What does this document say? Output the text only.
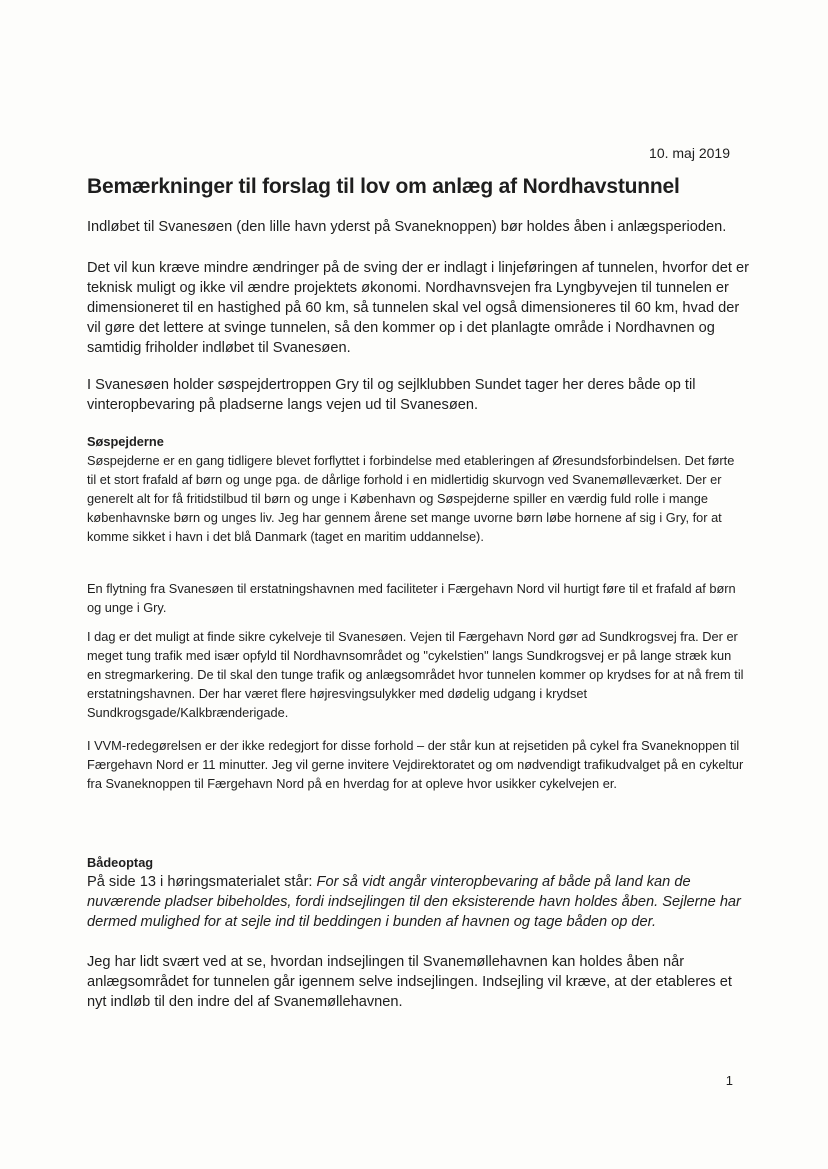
10. maj 2019
Bemærkninger til forslag til lov om anlæg af Nordhavstunnel

Indløbet til Svanesøen (den lille havn yderst på Svaneknoppen) bør holdes åben i anlægsperioden.

Det vil kun kræve mindre ændringer på de sving der er indlagt i linjeføringen af tunnelen, hvorfor det er teknisk muligt og ikke vil ændre projektets økonomi. Nordhavnsvejen fra Lyngbyvejen til tunnelen er dimensioneret til en hastighed på 60 km, så tunnelen skal vel også dimensioneres til 60 km, hvad der vil gøre det lettere at svinge tunnelen, så den kommer op i det planlagte område i Nordhavnen og samtidig friholder indløbet til Svanesøen.

I Svanesøen holder søspejdertroppen Gry til og sejlklubben Sundet tager her deres både op til vinteropbevaring på pladserne langs vejen ud til Svanesøen.

Søspejderne

Søspejderne er en gang tidligere blevet forflyttet i forbindelse med etableringen af Øresundsforbindelsen. Det førte til et stort frafald af børn og unge pga. de dårlige forhold i en midlertidig skurvogn ved Svanemølleværket. Der er generelt alt for få fritidstilbud til børn og unge i København og Søspejderne spiller en værdig fuld rolle i mange københavnske børn og unges liv. Jeg har gennem årene set mange uvorne børn løbe hornene af sig i Gry, for at komme sikket i havn i det blå Danmark (taget en maritim uddannelse).

En flytning fra Svanesøen til erstatningshavnen med faciliteter i Færgehavn Nord vil hurtigt føre til et frafald af børn og unge i Gry.

I dag er det muligt at finde sikre cykelveje til Svanesøen. Vejen til Færgehavn Nord gør ad Sundkrogsvej fra. Der er meget tung trafik med især opfyld til Nordhavnsområdet og "cykelstien" langs Sundkrogsvej er på lange stræk kun en stregmarkering. De til skal den tunge trafik og anlægsområdet hvor tunnelen kommer op krydses for at nå frem til erstatningshavnen. Der har været flere højresvingsulykker med dødelig udgang i krydset Sundkrogsgade/Kalkbrænderigade.

I VVM-redegørelsen er der ikke redegjort for disse forhold – der står kun at rejsetiden på cykel fra Svaneknoppen til Færgehavn Nord er 11 minutter. Jeg vil gerne invitere Vejdirektoratet og om nødvendigt trafikudvalget på en cykeltur fra Svaneknoppen til Færgehavn Nord på en hverdag for at opleve hvor usikker cykelvejen er.

Bådeoptag

På side 13 i høringsmaterialet står: For så vidt angår vinteropbevaring af både på land kan de nuværende pladser bibeholdes, fordi indsejlingen til den eksisterende havn holdes åben. Sejlerne har dermed mulighed for at sejle ind til beddingen i bunden af havnen og tage båden op der.

Jeg har lidt svært ved at se, hvordan indsejlingen til Svanemøllehavnen kan holdes åben når anlægsområdet for tunnelen går igennem selve indsejlingen. Indsejling vil kræve, at der etableres et nyt indløb til den indre del af Svanemøllehavnen.

1
